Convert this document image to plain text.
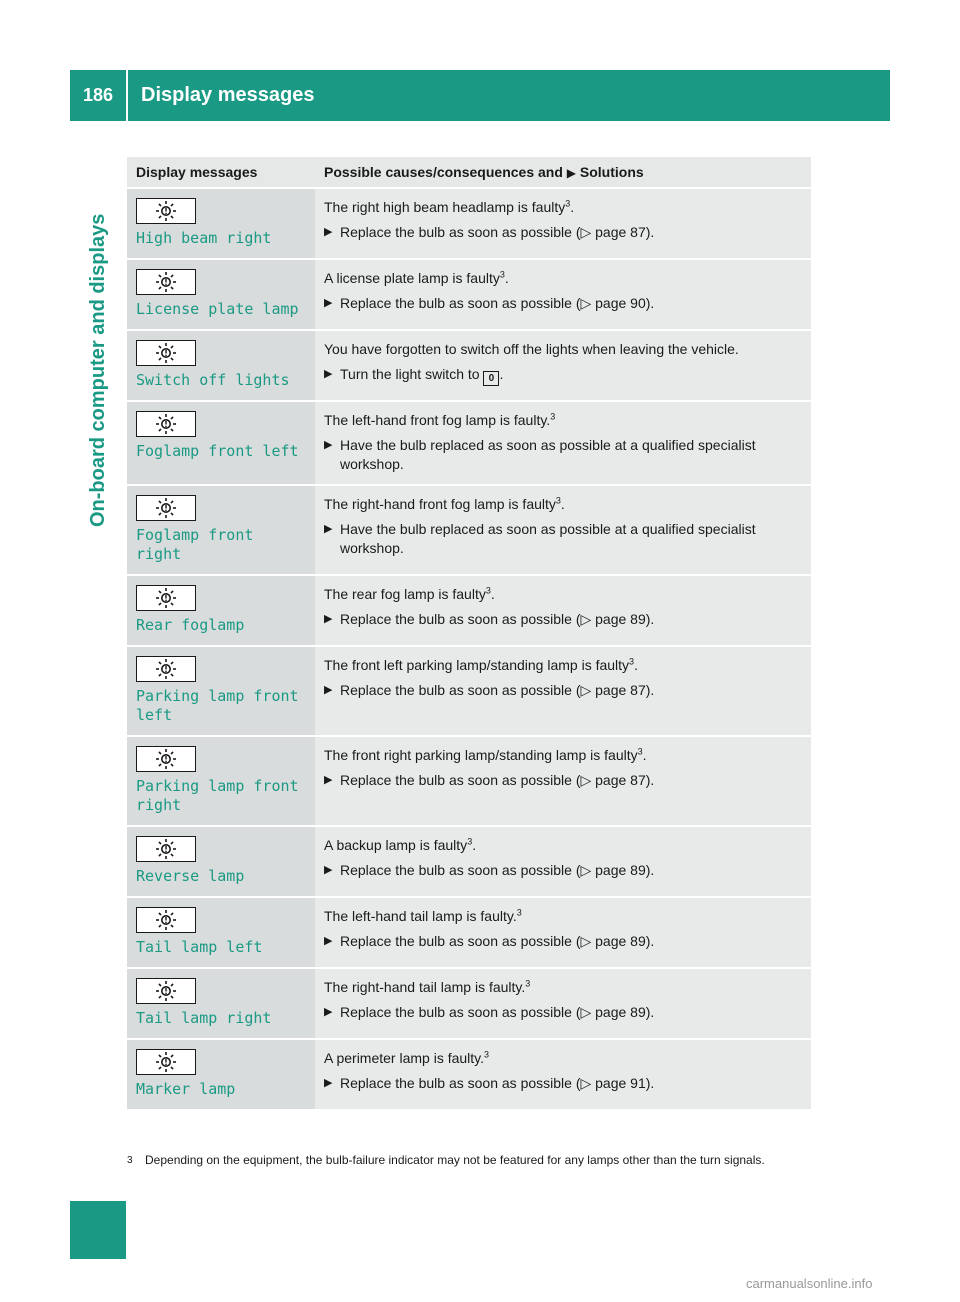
186	Display messages
On-board computer and displays
Display messages	Possible causes/consequences and ▶ Solutions

High beam right	The right high beam headlamp is faulty$^3$.
▶ Replace the bulb as soon as possible (▷ page 87).

License plate lamp	A license plate lamp is faulty$^3$.
▶ Replace the bulb as soon as possible (▷ page 90).

Switch off lights	You have forgotten to switch off the lights when leaving the vehicle.
▶ Turn the light switch to 0 .

Foglamp front left	The left-hand front fog lamp is faulty.$^3$
▶ Have the bulb replaced as soon as possible at a qualified specialist workshop.

Foglamp front right	The right-hand front fog lamp is faulty$^3$.
▶ Have the bulb replaced as soon as possible at a qualified specialist workshop.

Rear foglamp	The rear fog lamp is faulty$^3$.
▶ Replace the bulb as soon as possible (▷ page 89).

Parking lamp front left	The front left parking lamp/standing lamp is faulty$^3$.
▶ Replace the bulb as soon as possible (▷ page 87).

Parking lamp front right	The front right parking lamp/standing lamp is faulty$^3$.
▶ Replace the bulb as soon as possible (▷ page 87).

Reverse lamp	A backup lamp is faulty$^3$.
▶ Replace the bulb as soon as possible (▷ page 89).

Tail lamp left	The left-hand tail lamp is faulty.$^3$
▶ Replace the bulb as soon as possible (▷ page 89).

Tail lamp right	The right-hand tail lamp is faulty.$^3$
▶ Replace the bulb as soon as possible (▷ page 89).

Marker lamp	A perimeter lamp is faulty.$^3$
▶ Replace the bulb as soon as possible (▷ page 91).
3	Depending on the equipment, the bulb-failure indicator may not be featured for any lamps other than the turn signals.
carmanualsonline.info
